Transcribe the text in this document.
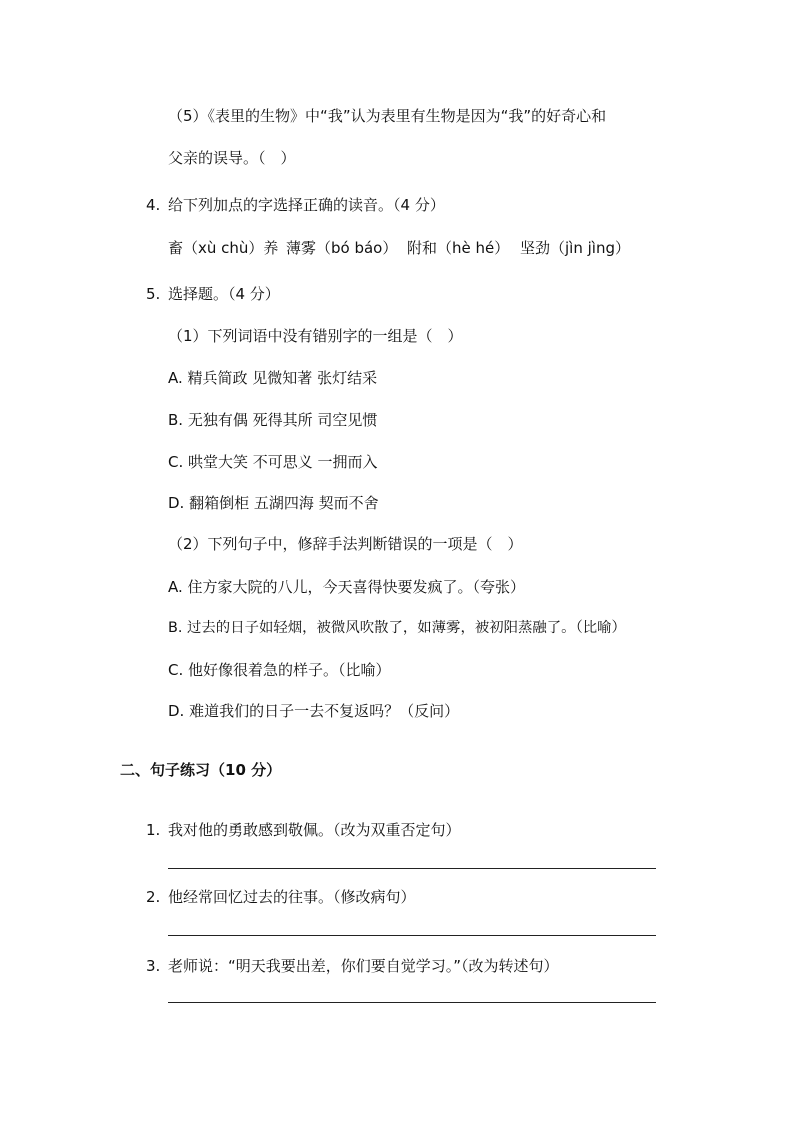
（5）《表里的生物》中“我”认为表里有生物是因为“我”的好奇心和
父亲的误导。（　）
4. 给下列加点的字选择正确的读音。（4 分）
畜（xù chù）养 薄雾（bó báo） 附和（hè hé） 坚劲（jìn jìng）
5. 选择题。（4 分）
（1）下列词语中没有错别字的一组是（　）
A. 精兵简政 见微知著 张灯结采
B. 无独有偶 死得其所 司空见惯
C. 哄堂大笑 不可思义 一拥而入
D. 翻箱倒柜 五湖四海 契而不舍
（2）下列句子中，修辞手法判断错误的一项是（　）
A. 住方家大院的八儿，今天喜得快要发疯了。（夸张）
B. 过去的日子如轻烟，被微风吹散了，如薄雾，被初阳蒸融了。（比喻）
C. 他好像很着急的样子。（比喻）
D. 难道我们的日子一去不复返吗？（反问）
二、句子练习（10 分）
1. 我对他的勇敢感到敬佩。（改为双重否定句）
2. 他经常回忆过去的往事。（修改病句）
3. 老师说：“明天我要出差，你们要自觉学习。”（改为转述句）
